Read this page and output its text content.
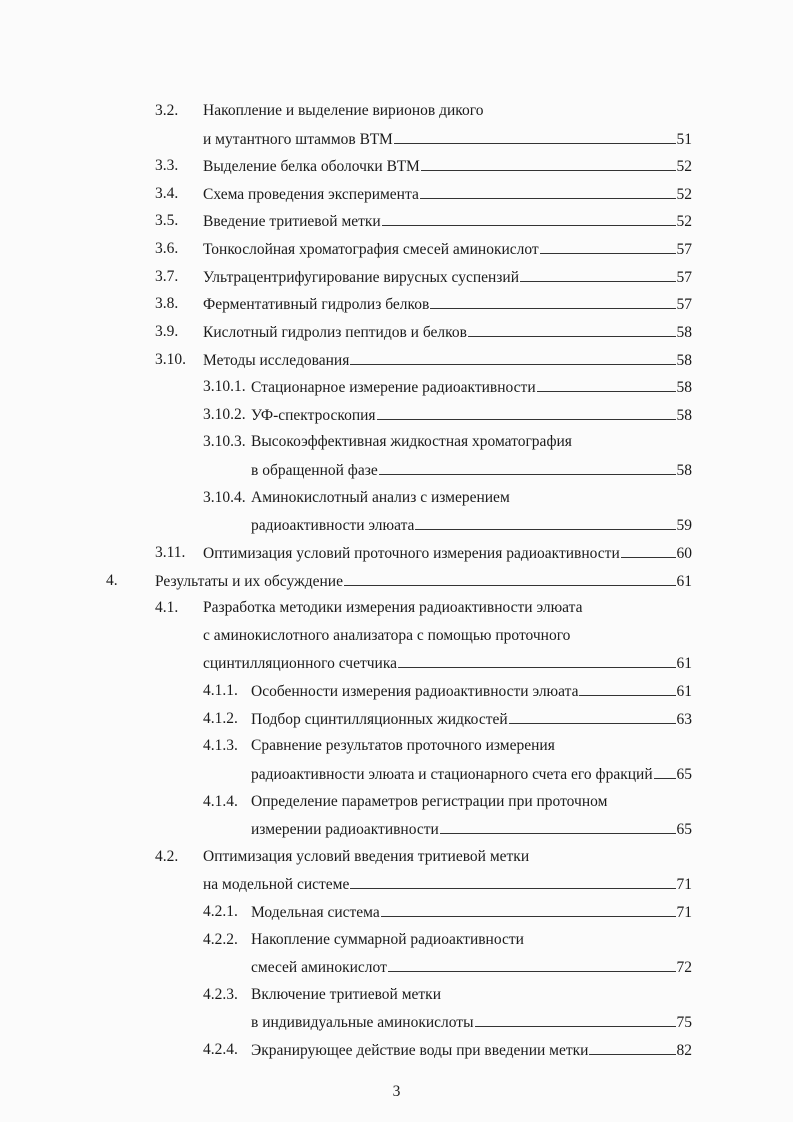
3.2. Накопление и выделение вирионов дикого
и мутантного штаммов ВТМ	51
3.3. Выделение белка оболочки ВТМ	52
3.4. Схема проведения эксперимента	52
3.5. Введение тритиевой метки	52
3.6. Тонкослойная хроматография смесей аминокислот	57
3.7. Ультрацентрифугирование вирусных суспензий	57
3.8. Ферментативный гидролиз белков	57
3.9. Кислотный гидролиз пептидов и белков	58
3.10. Методы исследования	58
3.10.1. Стационарное измерение радиоактивности	58
3.10.2. УФ-спектроскопия	58
3.10.3. Высокоэффективная жидкостная хроматография
в обращенной фазе	58
3.10.4. Аминокислотный анализ с измерением
радиоактивности элюата	59
3.11. Оптимизация условий проточного измерения радиоактивности	60
4. Результаты и их обсуждение	61
4.1. Разработка методики измерения радиоактивности элюата
с аминокислотного анализатора с помощью проточного
сцинтилляционного счетчика	61
4.1.1. Особенности измерения радиоактивности элюата	61
4.1.2. Подбор сцинтилляционных жидкостей	63
4.1.3. Сравнение результатов проточного измерения
радиоактивности элюата и стационарного счета его фракций 65
4.1.4. Определение параметров регистрации при проточном
измерении радиоактивности	65
4.2. Оптимизация условий введения тритиевой метки
на модельной системе	71
4.2.1. Модельная система	71
4.2.2. Накопление суммарной радиоактивности
смесей аминокислот	72
4.2.3. Включение тритиевой метки
в индивидуальные аминокислоты	75
4.2.4. Экранирующее действие воды при введении метки	82
3
